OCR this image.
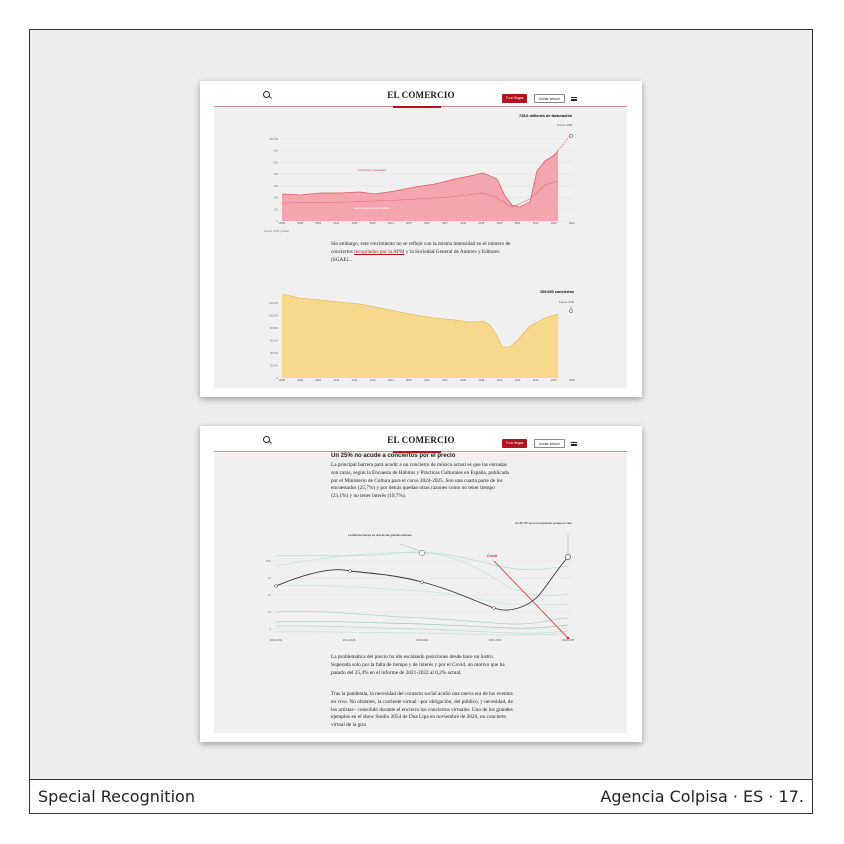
EL COMERCIO	Tu sí llegas	Iniciar sesión
725,6 millones de facturación
Fuente: APM
Conciertos y festivales
Giras nacionales con público
Fuente: APM y SGAE
2008	2009	2010	2011	2012	2013	2014	2015	2016	2017	2018	2019	2020	2021	2022	2023	2024
700 M€
600
500
400
300
200
100
0
109.690 conciertos
Fuente: APM
2008	2009	2010	2011	2012	2013	2014	2015	2016	2017	2018	2019	2020	2021	2022	2023	2024
120.000
100.000
80.000
60.000
40.000
20.000
0
Sin embargo, este crecimiento no se reflejó con la misma intensidad en el número de conciertos recopilados por la APM y la Sociedad General de Autores y Editores (SGAE)...
EL COMERCIO	Tu sí llegas	Iniciar sesión
Un 25% no acude a conciertos por el precio
La principal barrera para acudir a un concierto de música actual es que las entradas son caras, según la Encuesta de Hábitos y Prácticas Culturales en España, publicada por el Ministerio de Cultura para el curso 2024-2025. Son una cuarta parte de los encuestados (25,7%) y por detrás quedan otras razones como no tener tiempo (23,1%) y no tener interés (19,7%).
La falta de tiempo es otra de las grandes razones
Covid
Un 25,7% va no a conciertos porque es caro
2010-2011	2014-2015	2018-2019	2021-2022	2024-2025
25%
20
15
10
5
La problemática del precio ha ido escalando posiciones desde hace un lustro. Superada solo por la falta de tiempo y de interés y por el Covid, un motivo que ha pasado del 25,4% en el informe de 2021-2022 al 0,2% actual.
Tras la pandemia, la necesidad del contacto social acuñó una nueva era de los eventos en vivo. No obstante, la corriente virtual –por obligación, del público, y necesidad, de los artistas– consolidó durante el encierro los conciertos virtuales. Uno de los grandes ejemplos en el show Studio 2054 de Dua Lipa en noviembre de 2020, un concierto virtual de la gira
Special Recognition	Agencia Colpisa · ES · 17.
